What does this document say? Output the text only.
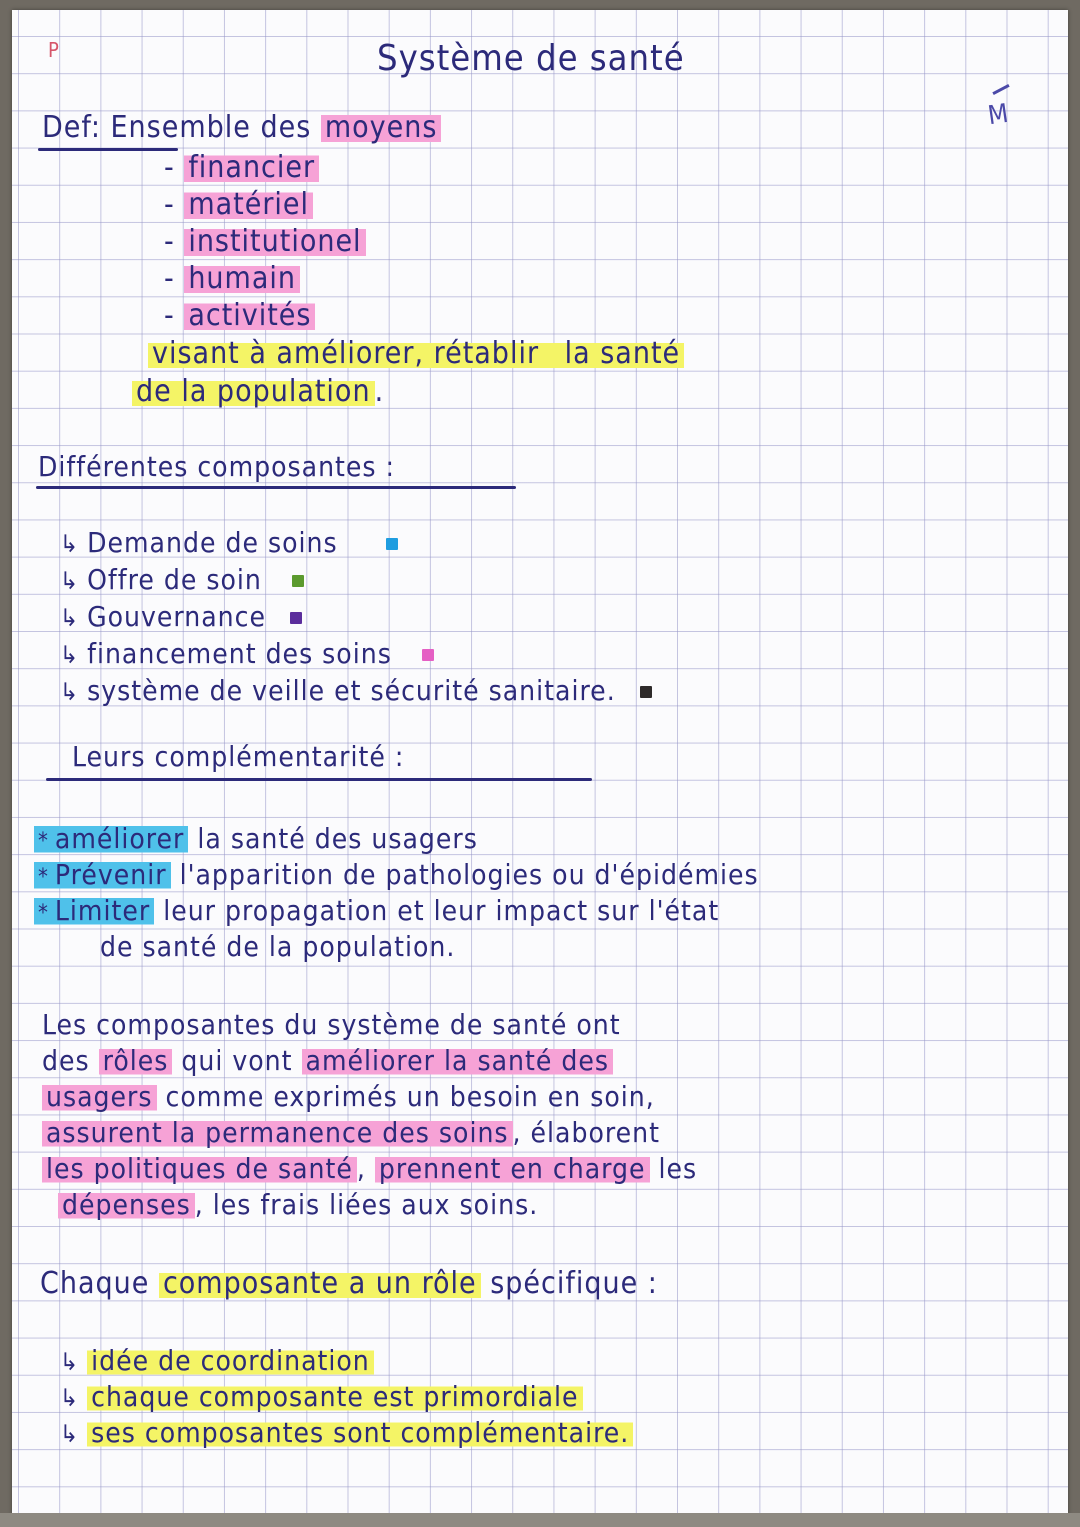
P	Système de santé
M
Def: Ensemble des moyens
- financier
- matériel
- institutionel
- humain
- activités
visant à améliorer, rétablir la santé
de la population .
Différentes composantes :
↳ Demande de soins
↳ Offre de soin
↳ Gouvernance
↳ financement des soins
↳ système de veille et sécurité sanitaire.
Leurs complémentarité :
* améliorer la santé des usagers
* Prévenir l'apparition de pathologies ou d'épidémies
* Limiter leur propagation et leur impact sur l'état
de santé de la population.
Les composantes du système de santé ont
des rôles qui vont améliorer la santé des
usagers comme exprimés un besoin en soin,
assurent la permanence des soins , élaborent
les politiques de santé , prennent en charge les
dépenses , les frais liées aux soins.
Chaque composante a un rôle spécifique :
↳ idée de coordination
↳ chaque composante est primordiale
↳ ses composantes sont complémentaire.
